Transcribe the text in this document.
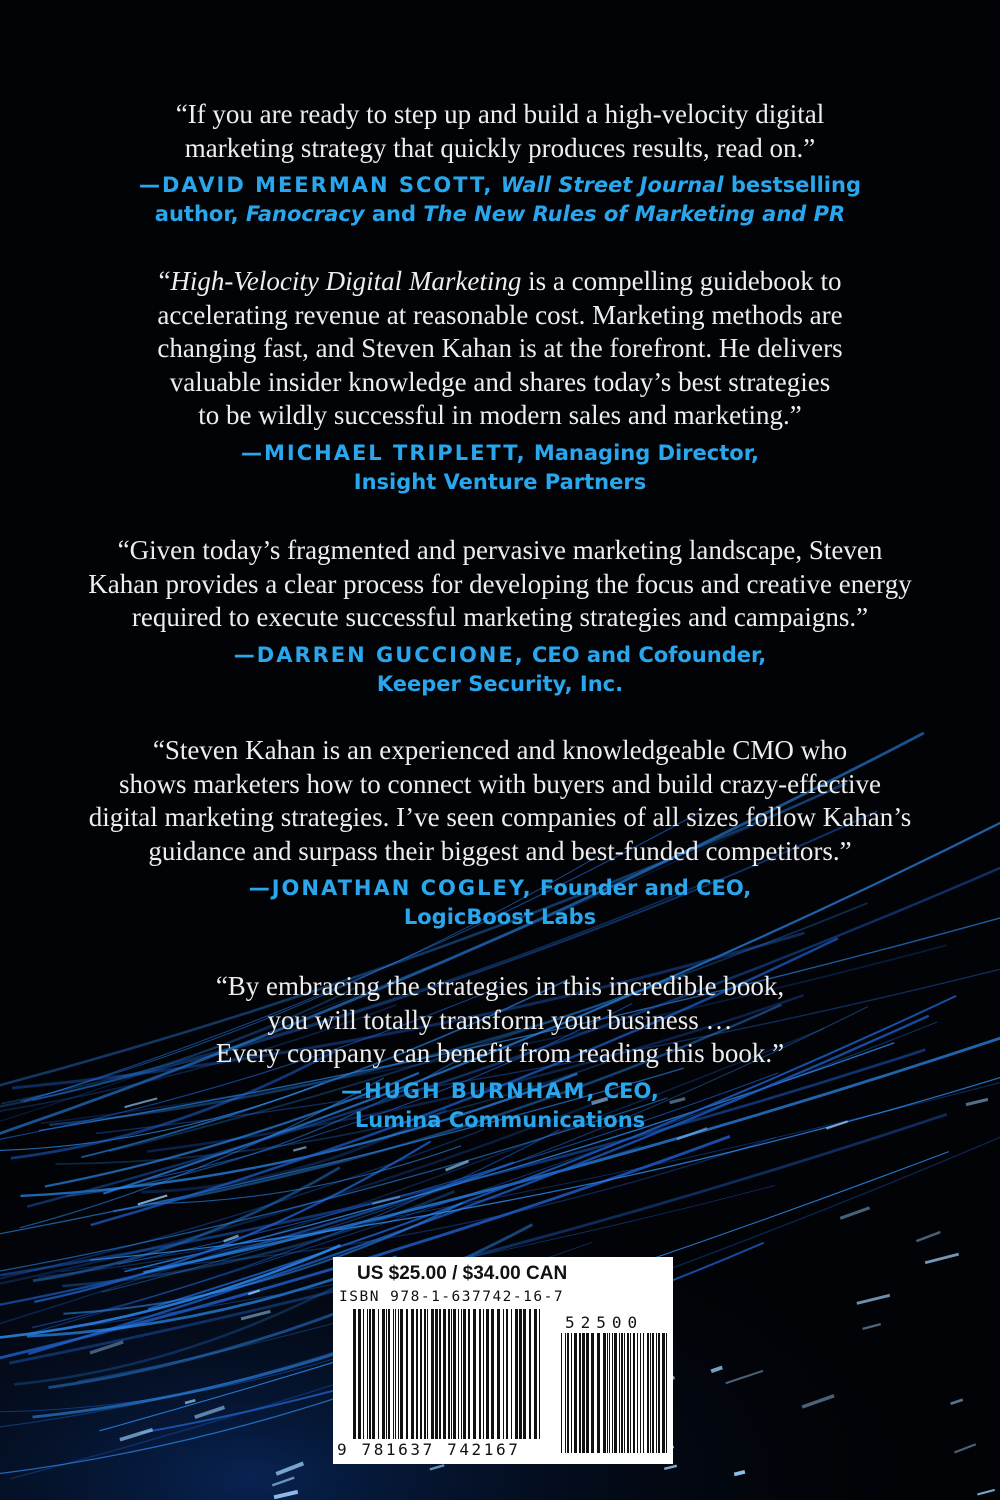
“If you are ready to step up and build a high-velocity digital
marketing strategy that quickly produces results, read on.”

—DAVID MEERMAN SCOTT, Wall Street Journal bestselling
author, Fanocracy and The New Rules of Marketing and PR

“High-Velocity Digital Marketing is a compelling guidebook to
accelerating revenue at reasonable cost. Marketing methods are
changing fast, and Steven Kahan is at the forefront. He delivers
valuable insider knowledge and shares today’s best strategies
to be wildly successful in modern sales and marketing.”

—MICHAEL TRIPLETT, Managing Director,
Insight Venture Partners

“Given today’s fragmented and pervasive marketing landscape, Steven
Kahan provides a clear process for developing the focus and creative energy
required to execute successful marketing strategies and campaigns.”

—DARREN GUCCIONE, CEO and Cofounder,
Keeper Security, Inc.

“Steven Kahan is an experienced and knowledgeable CMO who
shows marketers how to connect with buyers and build crazy-effective
digital marketing strategies. I’ve seen companies of all sizes follow Kahan’s
guidance and surpass their biggest and best-funded competitors.”

—JONATHAN COGLEY, Founder and CEO,
LogicBoost Labs

“By embracing the strategies in this incredible book,
you will totally transform your business …
Every company can benefit from reading this book.”

—HUGH BURNHAM, CEO,
Lumina Communications
US $25.00 / $34.00 CAN
ISBN 978-1-637742-16-7
52500
9 781637 742167
